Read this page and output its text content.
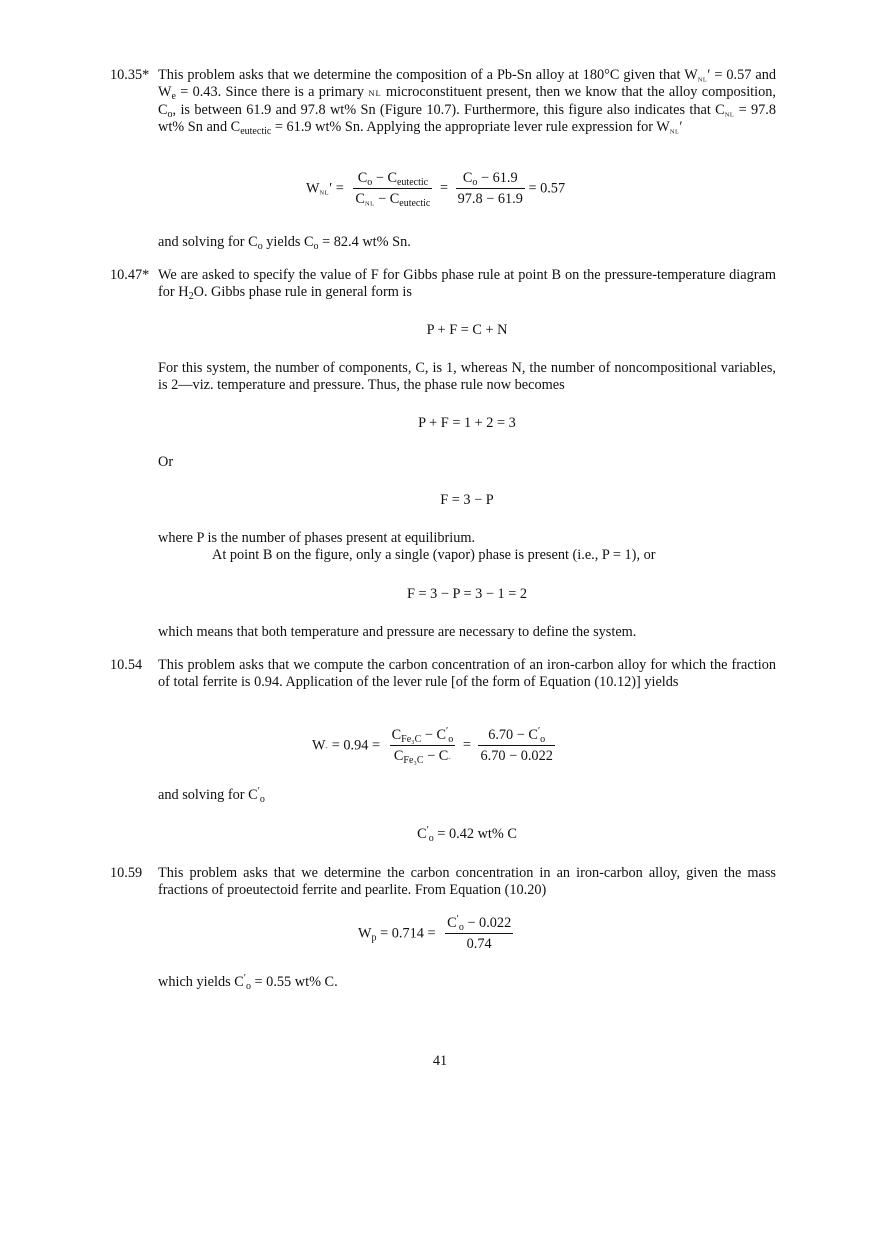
10.35* This problem asks that we determine the composition of a Pb-Sn alloy at 180°C given that $W_{NL}' = 0.57$ and $W_e = 0.43$. Since there is a primary NL microconstituent present, then we know that the alloy composition, $C_o$, is between 61.9 and 97.8 wt% Sn (Figure 10.7). Furthermore, this figure also indicates that $C_{NL} = 97.8$ wt% Sn and $C_{eutectic} = 61.9$ wt% Sn. Applying the appropriate lever rule expression for $W_{NL}'$
$W_{NL}' = \frac{C_o - C_{eutectic}}{C_{NL} - C_{eutectic}} = \frac{C_o - 61.9}{97.8 - 61.9} = 0.57$
and solving for $C_o$ yields $C_o = 82.4$ wt% Sn.
10.47* We are asked to specify the value of F for Gibbs phase rule at point B on the pressure-temperature diagram for $H_2O$. Gibbs phase rule in general form is
P + F = C + N
For this system, the number of components, C, is 1, whereas N, the number of noncompositional variables, is 2—viz. temperature and pressure. Thus, the phase rule now becomes
P + F = 1 + 2 = 3
Or
F = 3 − P
where P is the number of phases present at equilibrium.
At point B on the figure, only a single (vapor) phase is present (i.e., P = 1), or
F = 3 − P = 3 − 1 = 2
which means that both temperature and pressure are necessary to define the system.
10.54 This problem asks that we compute the carbon concentration of an iron-carbon alloy for which the fraction of total ferrite is 0.94. Application of the lever rule [of the form of Equation (10.12)] yields
$W_˜ = 0.94 = \frac{C_{Fe_3C} - C'_o}{C_{Fe_3C} - C_˜} = \frac{6.70 - C'_o}{6.70 - 0.022}$
and solving for $C'_o$
$C'_o = 0.42$ wt% C
10.59 This problem asks that we determine the carbon concentration in an iron-carbon alloy, given the mass fractions of proeutectoid ferrite and pearlite. From Equation (10.20)
$W_p = 0.714 = \frac{C'_o - 0.022}{0.74}$
which yields $C'_o = 0.55$ wt% C.
41
